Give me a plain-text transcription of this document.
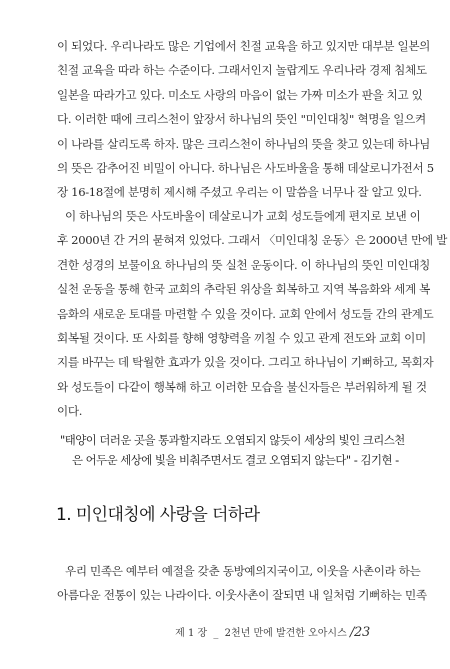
이 되었다. 우리나라도 많은 기업에서 친절 교육을 하고 있지만 대부분 일본의
친절 교육을 따라 하는 수준이다. 그래서인지 놀랍게도 우리나라 경제 침체도
일본을 따라가고 있다. 미소도 사랑의 마음이 없는 가짜 미소가 판을 치고 있
다. 이러한 때에 크리스천이 앞장서 하나님의 뜻인 "미인대칭" 혁명을 일으켜
이 나라를 살리도록 하자. 많은 크리스천이 하나님의 뜻을 찾고 있는데 하나님
의 뜻은 감추어진 비밀이 아니다. 하나님은 사도바울을 통해 데살로니가전서 5
장 16-18절에 분명히 제시해 주셨고 우리는 이 말씀을 너무나 잘 알고 있다.
이 하나님의 뜻은 사도바울이 데살로니가 교회 성도들에게 편지로 보낸 이
후 2000년 간 거의 묻혀져 있었다. 그래서 〈미인대칭 운동〉은 2000년 만에 발
견한 성경의 보물이요 하나님의 뜻 실천 운동이다. 이 하나님의 뜻인 미인대칭
실천 운동을 통해 한국 교회의 추락된 위상을 회복하고 지역 복음화와 세계 복
음화의 새로운 토대를 마련할 수 있을 것이다. 교회 안에서 성도들 간의 관계도
회복될 것이다. 또 사회를 향해 영향력을 끼칠 수 있고 관계 전도와 교회 이미
지를 바꾸는 데 탁월한 효과가 있을 것이다. 그리고 하나님이 기뻐하고, 목회자
와 성도들이 다같이 행복해 하고 이러한 모습을 불신자들은 부러워하게 될 것
이다.
"태양이 더러운 곳을 통과할지라도 오염되지 않듯이 세상의 빛인 크리스천
은 어두운 세상에 빛을 비춰주면서도 결코 오염되지 않는다" - 김기현 -
1. 미인대칭에 사랑을 더하라
우리 민족은 예부터 예절을 갖춘 동방예의지국이고, 이웃을 사촌이라 하는
아름다운 전통이 있는 나라이다. 이웃사촌이 잘되면 내 일처럼 기뻐하는 민족
제 1 장 _ 2천년 만에 발견한 오아시스 /23
